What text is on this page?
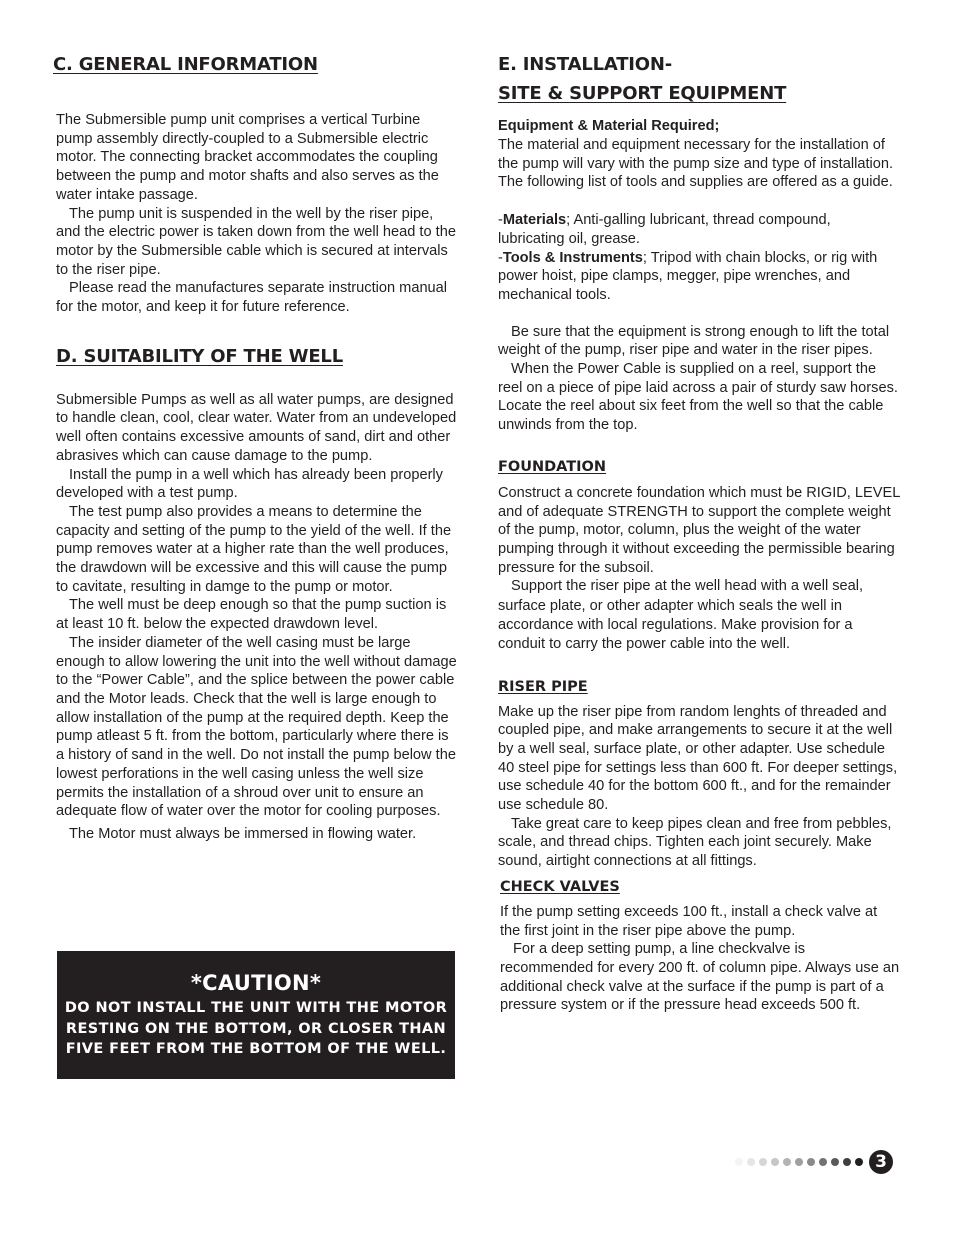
C. GENERAL INFORMATION

The Submersible pump unit comprises a vertical Turbine pump assembly directly-coupled to a Submersible electric motor. The connecting bracket accommodates the coupling between the pump and motor shafts and also serves as the water intake passage.

The pump unit is suspended in the well by the riser pipe, and the electric power is taken down from the well head to the motor by the Submersible cable which is secured at intervals to the riser pipe.

Please read the manufactures separate instruction manual for the motor, and keep it for future reference.

D. SUITABILITY OF THE WELL

Submersible Pumps as well as all water pumps, are designed to handle clean, cool, clear water. Water from an undeveloped well often contains excessive amounts of sand, dirt and other abrasives which can cause damage to the pump.

Install the pump in a well which has already been properly developed with a test pump.

The test pump also provides a means to determine the capacity and setting of the pump to the yield of the well. If the pump removes water at a higher rate than the well produces, the drawdown will be excessive and this will cause the pump to cavitate, resulting in damge to the pump or motor.

The well must be deep enough so that the pump suction is at least 10 ft. below the expected drawdown level.

The insider diameter of the well casing must be large enough to allow lowering the unit into the well without damage to the “Power Cable”, and the splice between the power cable and the Motor leads. Check that the well is large enough to allow installation of the pump at the required depth. Keep the pump atleast 5 ft. from the bottom, particularly where there is a history of sand in the well. Do not install the pump below the lowest perforations in the well casing unless the well size permits the installation of a shroud over unit to ensure an adequate flow of water over the motor for cooling purposes.

The Motor must always be immersed in flowing water.

*CAUTION*
DO NOT INSTALL THE UNIT WITH THE MOTOR RESTING ON THE BOTTOM, OR CLOSER THAN FIVE FEET FROM THE BOTTOM OF THE WELL.
E. INSTALLATION-
SITE & SUPPORT EQUIPMENT
Equipment & Material Required;

The material and equipment necessary for the installation of the pump will vary with the pump size and type of installation. The following list of tools and supplies are offered as a guide.

-Materials; Anti-galling lubricant, thread compound, lubricating oil, grease.

-Tools & Instruments; Tripod with chain blocks, or rig with power hoist, pipe clamps, megger, pipe wrenches, and mechanical tools.

Be sure that the equipment is strong enough to lift the total weight of the pump, riser pipe and water in the riser pipes.

When the Power Cable is supplied on a reel, support the reel on a piece of pipe laid across a pair of sturdy saw horses. Locate the reel about six feet from the well so that the cable unwinds from the top.

FOUNDATION

Construct a concrete foundation which must be RIGID, LEVEL and of adequate STRENGTH to support the complete weight of the pump, motor, column, plus the weight of the water pumping through it without exceeding the permissible bearing pressure for the subsoil.

Support the riser pipe at the well head with a well seal, surface plate, or other adapter which seals the well in accordance with local regulations. Make provision for a conduit to carry the power cable into the well.

RISER PIPE

Make up the riser pipe from random lenghts of threaded and coupled pipe, and make arrangements to secure it at the well by a well seal, surface plate, or other adapter. Use schedule 40 steel pipe for settings less than 600 ft. For deeper settings, use schedule 40 for the bottom 600 ft., and for the remainder use schedule 80.

Take great care to keep pipes clean and free from pebbles, scale, and thread chips. Tighten each joint securely. Make sound, airtight connections at all fittings.

CHECK VALVES

If the pump setting exceeds 100 ft., install a check valve at the first joint in the riser pipe above the pump.

For a deep setting pump, a line checkvalve is recommended for every 200 ft. of column pipe. Always use an additional check valve at the surface if the pump is part of a pressure system or if the pressure head exceeds 500 ft.

3
